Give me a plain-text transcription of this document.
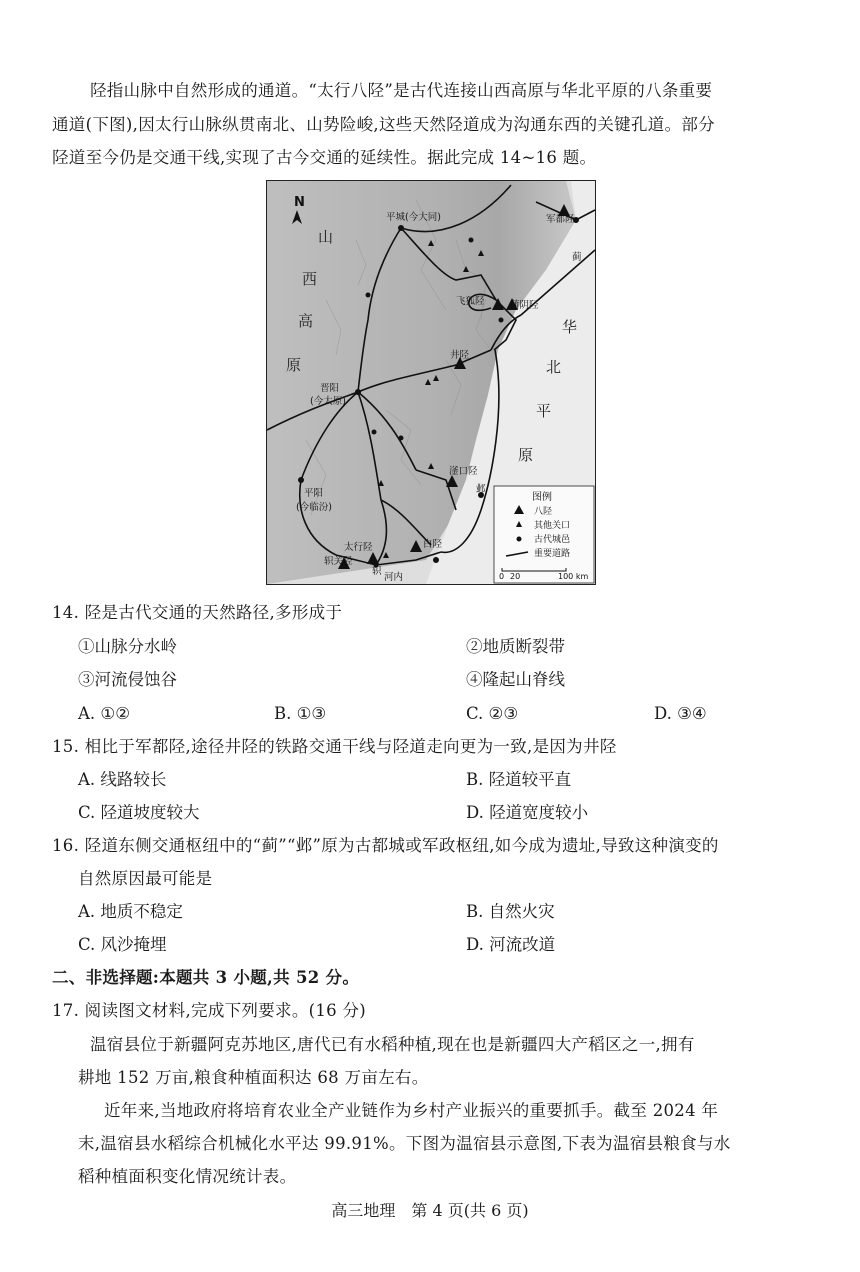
陉指山脉中自然形成的通道。“太行八陉”是古代连接山西高原与华北平原的八条重要
通道(下图),因太行山脉纵贯南北、山势险峻,这些天然陉道成为沟通东西的关键孔道。部分
陉道至今仍是交通干线,实现了古今交通的延续性。据此完成 14~16 题。
N
山
西
高
原
华
北
平
原
平城(今大同)	军都陉
蓟
飞狐陉	蒲阴陉
井陉
晋阳
(今太原)
滏口陉
邺
平阳
(今临汾)
太行陉
轵关陉
轵
白陉
河内
图例
八陉
其他关口
古代城邑
重要道路
0 20	100 km
14. 陉是古代交通的天然路径,多形成于
①山脉分水岭	②地质断裂带
③河流侵蚀谷	④隆起山脊线
A. ①②	B. ①③	C. ②③	D. ③④
15. 相比于军都陉,途径井陉的铁路交通干线与陉道走向更为一致,是因为井陉
A. 线路较长	B. 陉道较平直
C. 陉道坡度较大	D. 陉道宽度较小
16. 陉道东侧交通枢纽中的“蓟”“邺”原为古都城或军政枢纽,如今成为遗址,导致这种演变的
自然原因最可能是
A. 地质不稳定	B. 自然火灾
C. 风沙掩埋	D. 河流改道
二、非选择题:本题共 3 小题,共 52 分。
17. 阅读图文材料,完成下列要求。(16 分)
温宿县位于新疆阿克苏地区,唐代已有水稻种植,现在也是新疆四大产稻区之一,拥有
耕地 152 万亩,粮食种植面积达 68 万亩左右。
近年来,当地政府将培育农业全产业链作为乡村产业振兴的重要抓手。截至 2024 年
末,温宿县水稻综合机械化水平达 99.91%。下图为温宿县示意图,下表为温宿县粮食与水
稻种植面积变化情况统计表。
高三地理　第 4 页(共 6 页)
